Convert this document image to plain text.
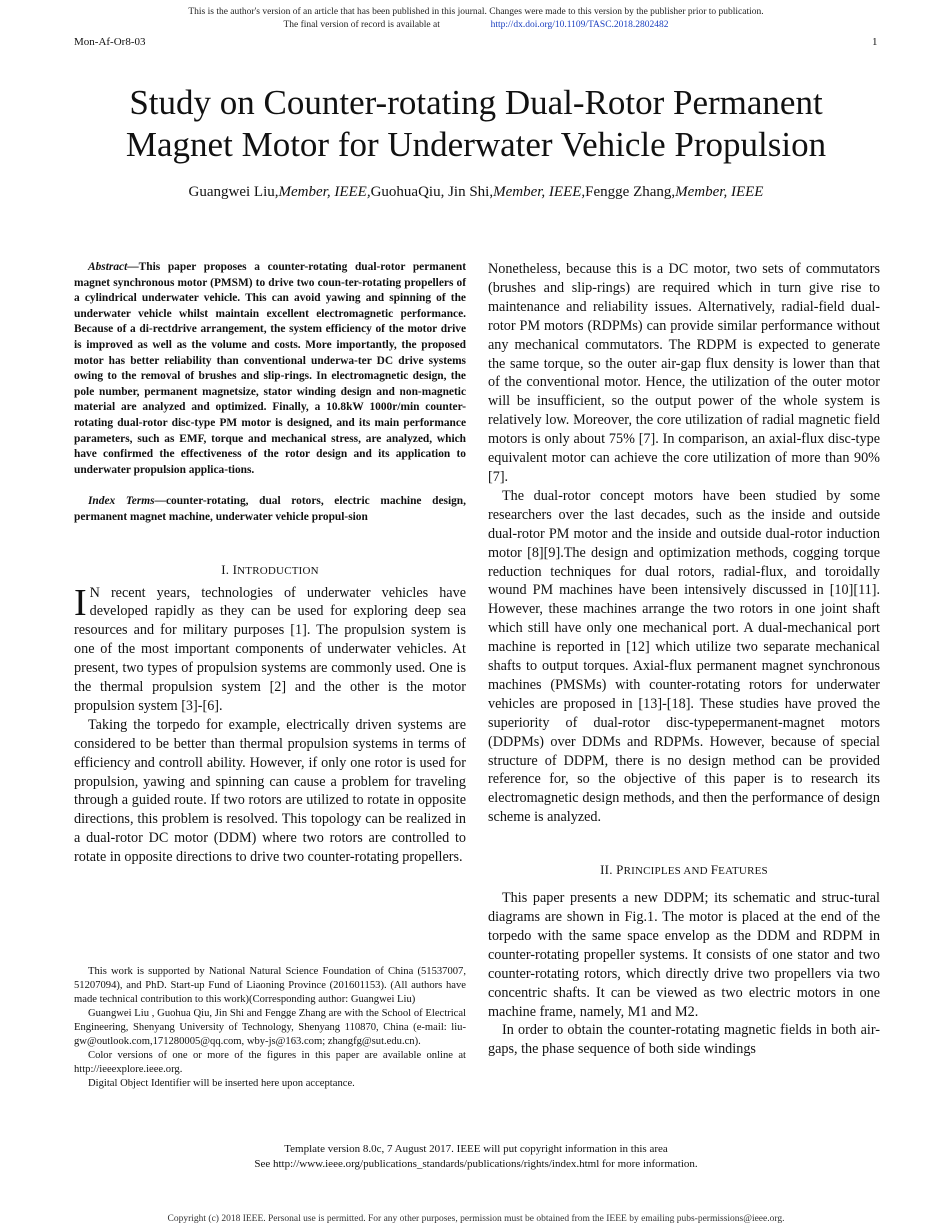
This is the author's version of an article that has been published in this journal. Changes were made to this version by the publisher prior to publication.
The final version of record is available at	http://dx.doi.org/10.1109/TASC.2018.2802482
Mon-Af-Or8-03	1
Study on Counter-rotating Dual-Rotor Permanent
Magnet Motor for Underwater Vehicle Propulsion
Guangwei Liu,Member, IEEE,GuohuaQiu, Jin Shi,Member, IEEE,Fengge Zhang,Member, IEEE

Abstract—This paper proposes a counter-rotating dual-rotor permanent magnet synchronous motor (PMSM) to drive two coun-ter-rotating propellers of a cylindrical underwater vehicle. This can avoid yawing and spinning of the underwater vehicle whilst maintain excellent electromagnetic performance. Because of a di-rectdrive arrangement, the system efficiency of the motor drive is improved as well as the volume and costs. More importantly, the proposed motor has better reliability than conventional underwa-ter DC drive systems owing to the removal of brushes and slip-rings. In electromagnetic design, the pole number, permanent magnetsize, stator winding design and non-magnetic material are analyzed and optimized. Finally, a 10.8kW 1000r/min counter-rotating dual-rotor disc-type PM motor is designed, and its main performance parameters, such as EMF, torque and mechanical stress, are analyzed, which have confirmed the effectiveness of the rotor design and its application to underwater propulsion applica-tions.

Index Terms—counter-rotating, dual rotors, electric machine design, permanent magnet machine, underwater vehicle propul-sion

I. INTRODUCTION

I N recent years, technologies of underwater vehicles have developed rapidly as they can be used for exploring deep sea resources and for military purposes [1]. The propulsion system is one of the most important components of underwater vehicles. At present, two types of propulsion systems are commonly used. One is the thermal propulsion system [2] and the other is the motor propulsion system [3]-[6].

Taking the torpedo for example, electrically driven systems are considered to be better than thermal propulsion systems in terms of efficiency and controll ability. However, if only one rotor is used for propulsion, yawing and spinning can cause a problem for traveling through a guided route. If two rotors are utilized to rotate in opposite directions, this problem is resolved. This topology can be realized in a dual-rotor DC motor (DDM) where two rotors are controlled to rotate in opposite directions to drive two counter-rotating propellers.

This work is supported by National Natural Science Foundation of China (51537007, 51207094), and PhD. Start-up Fund of Liaoning Province (201601153). (All authors have made technical contribution to this work)(Corresponding author: Guangwei Liu)

Guangwei Liu , Guohua Qiu, Jin Shi and Fengge Zhang are with the School of Electrical Engineering, Shenyang University of Technology, Shenyang 110870, China (e-mail: liu-gw@outlook.com,171280005@qq.com, wby-js@163.com; zhangfg@sut.edu.cn).

Color versions of one or more of the figures in this paper are available online at http://ieeexplore.ieee.org.

Digital Object Identifier will be inserted here upon acceptance.

Nonetheless, because this is a DC motor, two sets of commutators (brushes and slip-rings) are required which in turn give rise to maintenance and reliability issues. Alternatively, radial-field dual-rotor PM motors (RDPMs) can provide similar performance without any mechanical commutators. The RDPM is expected to generate the same torque, so the outer air-gap flux density is lower than that of the conventional motor. Hence, the utilization of the outer motor will be insufficient, so the output power of the whole system is relatively low. Moreover, the core utilization of radial magnetic field motors is only about 75% [7]. In comparison, an axial-flux disc-type equivalent motor can achieve the core utilization of more than 90% [7].

The dual-rotor concept motors have been studied by some researchers over the last decades, such as the inside and outside dual-rotor PM motor and the inside and outside dual-rotor induction motor [8][9].The design and optimization methods, cogging torque reduction techniques for dual rotors, radial-flux, and toroidally wound PM machines have been intensively discussed in [10][11]. However, these machines arrange the two rotors in one joint shaft which still have only one mechanical port. A dual-mechanical port machine is reported in [12] which utilize two separate mechanical shafts to output torques. Axial-flux permanent magnet synchronous machines (PMSMs) with counter-rotating rotors for underwater vehicles are proposed in [13]-[18]. These studies have proved the superiority of dual-rotor disc-typepermanent-magnet motors (DDPMs) over DDMs and RDPMs. However, because of special structure of DDPM, there is no design method can be provided reference for, so the objective of this paper is to research its electromagnetic design methods, and then the performance of design scheme is analyzed.

II. PRINCIPLES AND FEATURES

This paper presents a new DDPM; its schematic and struc-tural diagrams are shown in Fig.1. The motor is placed at the end of the torpedo with the same space envelop as the DDM and RDPM in counter-rotating propeller systems. It consists of one stator and two counter-rotating rotors, which directly drive two propellers via two concentric shafts. It can be viewed as two electric motors in one machine frame, namely, M1 and M2.

In order to obtain the counter-rotating magnetic fields in both air-gaps, the phase sequence of both side windings

Template version 8.0c, 7 August 2017. IEEE will put copyright information in this area
See http://www.ieee.org/publications_standards/publications/rights/index.html for more information.
Copyright (c) 2018 IEEE. Personal use is permitted. For any other purposes, permission must be obtained from the IEEE by emailing pubs-permissions@ieee.org.
